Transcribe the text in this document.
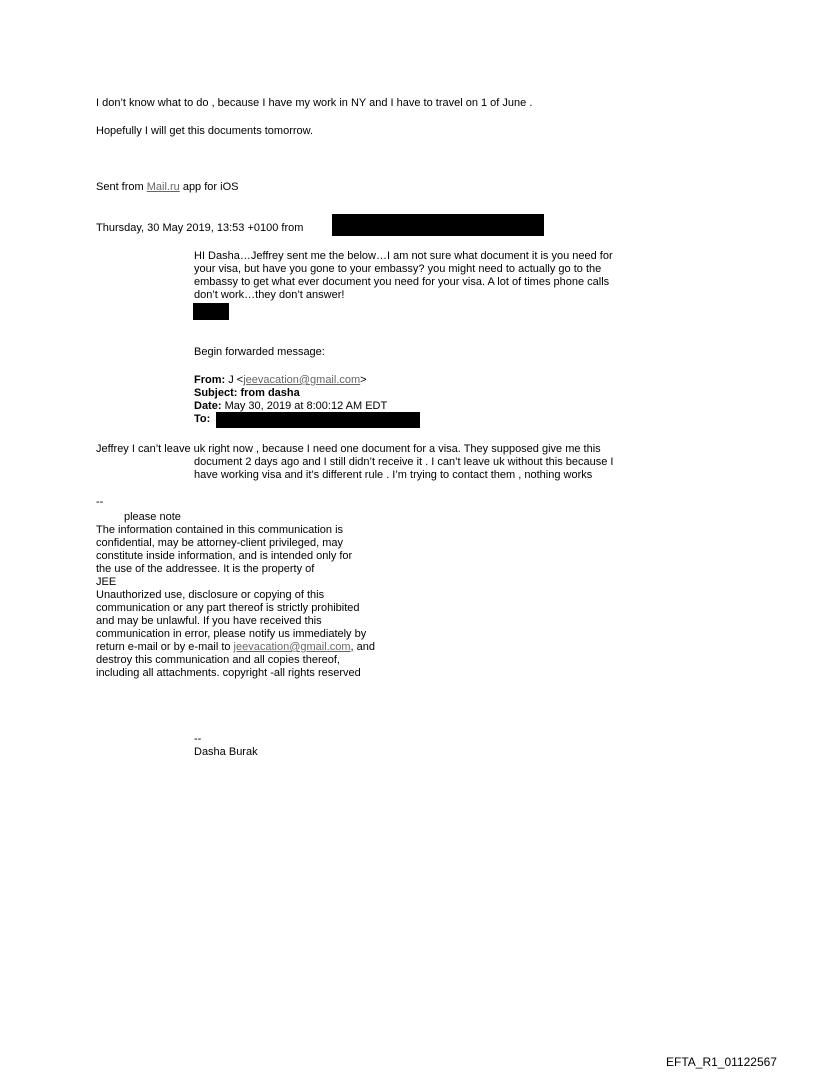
I don’t know what to do , because I have my work in NY and I have to travel on 1 of June .
Hopefully I will get this documents tomorrow.
Sent from Mail.ru app for iOS
Thursday, 30 May 2019, 13:53 +0100 from
HI Dasha…Jeffrey sent me the below…I am not sure what document it is you need for
your visa, but have you gone to your embassy? you might need to actually go to the
embassy to get what ever document you need for your visa. A lot of times phone calls
don’t work…they don’t answer!
Begin forwarded message:
From: J <jeevacation@gmail.com>
Subject: from dasha
Date: May 30, 2019 at 8:00:12 AM EDT
To:
Jeffrey I can’t leave uk right now , because I need one document for a visa. They supposed give me this
document 2 days ago and I still didn’t receive it . I can’t leave uk without this because I
have working visa and it’s different rule . I’m trying to contact them , nothing works
--
please note
The information contained in this communication is
confidential, may be attorney-client privileged, may
constitute inside information, and is intended only for
the use of the addressee. It is the property of
JEE
Unauthorized use, disclosure or copying of this
communication or any part thereof is strictly prohibited
and may be unlawful. If you have received this
communication in error, please notify us immediately by
return e-mail or by e-mail to jeevacation@gmail.com, and
destroy this communication and all copies thereof,
including all attachments. copyright -all rights reserved
--
Dasha Burak
EFTA_R1_01122567
